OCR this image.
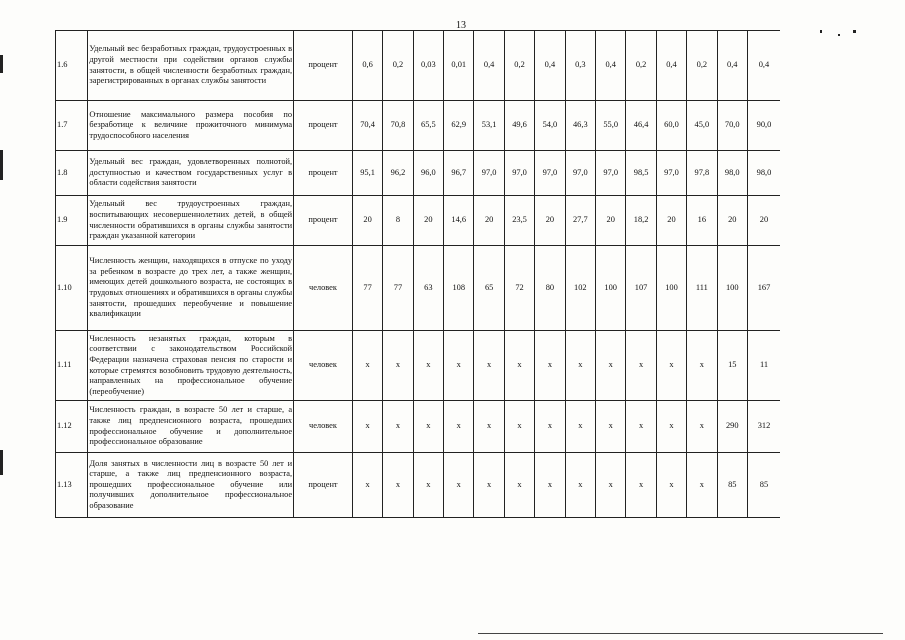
13
1.6	Удельный вес безработных граждан, трудоустроенных в другой местности при содействии органов службы занятости, в общей численности безработных граждан, зарегистрированных в органах службы занятости	процент	0,6	0,2	0,03	0,01	0,4	0,2	0,4	0,3	0,4	0,2	0,4	0,2	0,4	0,4
1.7	Отношение максимального размера пособия по безработице к величине прожиточного минимума трудоспособного населения	процент	70,4	70,8	65,5	62,9	53,1	49,6	54,0	46,3	55,0	46,4	60,0	45,0	70,0	90,0
1.8	Удельный вес граждан, удовлетворенных полнотой, доступностью и качеством государственных услуг в области содействия занятости	процент	95,1	96,2	96,0	96,7	97,0	97,0	97,0	97,0	97,0	98,5	97,0	97,8	98,0	98,0
1.9	Удельный вес трудоустроенных граждан, воспитывающих несовершеннолетних детей, в общей численности обратившихся в органы службы занятости граждан указанной категории	процент	20	8	20	14,6	20	23,5	20	27,7	20	18,2	20	16	20	20
1.10	Численность женщин, находящихся в отпуске по уходу за ребенком в возрасте до трех лет, а также женщин, имеющих детей дошкольного возраста, не состоящих в трудовых отношениях и обратившихся в органы службы занятости, прошедших переобучение и повышение квалификации	человек	77	77	63	108	65	72	80	102	100	107	100	111	100	167
1.11	Численность незанятых граждан, которым в соответствии с законодательством Российской Федерации назначена страховая пенсия по старости и которые стремятся возобновить трудовую деятельность, направленных на профессиональное обучение (переобучение)	человек	x	x	x	x	x	x	x	x	x	x	x	x	15	11
1.12	Численность граждан, в возрасте 50 лет и старше, а также лиц предпенсионного возраста, прошедших профессиональное обучение и дополнительное профессиональное образование	человек	x	x	x	x	x	x	x	x	x	x	x	x	290	312
1.13	Доля занятых в численности лиц в возрасте 50 лет и старше, а также лиц предпенсионного возраста, прошедших профессиональное обучение или получивших дополнительное профессиональное образование	процент	x	x	x	x	x	x	x	x	x	x	x	x	85	85
